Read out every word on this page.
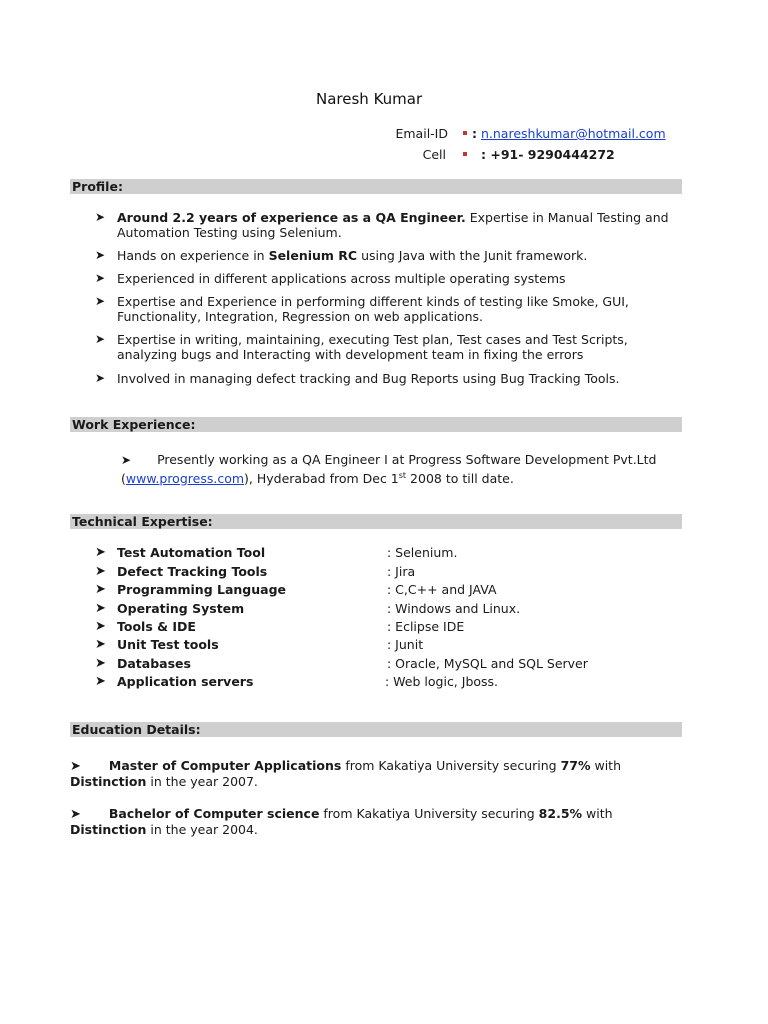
Naresh Kumar
Email-ID : n.nareshkumar@hotmail.com
Cell	: +91- 9290444272
Profile:
➤ Around 2.2 years of experience as a QA Engineer. Expertise in Manual Testing and Automation Testing using Selenium.
➤ Hands on experience in Selenium RC using Java with the Junit framework.
➤ Experienced in different applications across multiple operating systems
➤ Expertise and Experience in performing different kinds of testing like Smoke, GUI, Functionality, Integration, Regression on web applications.
➤ Expertise in writing, maintaining, executing Test plan, Test cases and Test Scripts, analyzing bugs and Interacting with development team in fixing the errors
➤ Involved in managing defect tracking and Bug Reports using Bug Tracking Tools.
Work Experience:
➤ Presently working as a QA Engineer I at Progress Software Development Pvt.Ltd
(www.progress.com), Hyderabad from Dec 1st 2008 to till date.
Technical Expertise:
➤ Test Automation Tool	: Selenium.
➤ Defect Tracking Tools	: Jira
➤ Programming Language	: C,C++ and JAVA
➤ Operating System	: Windows and Linux.
➤ Tools & IDE	: Eclipse IDE
➤ Unit Test tools	: Junit
➤ Databases	: Oracle, MySQL and SQL Server
➤ Application servers	: Web logic, Jboss.
Education Details:
➤ Master of Computer Applications from Kakatiya University securing 77% with
Distinction in the year 2007.
➤ Bachelor of Computer science from Kakatiya University securing 82.5% with
Distinction in the year 2004.
